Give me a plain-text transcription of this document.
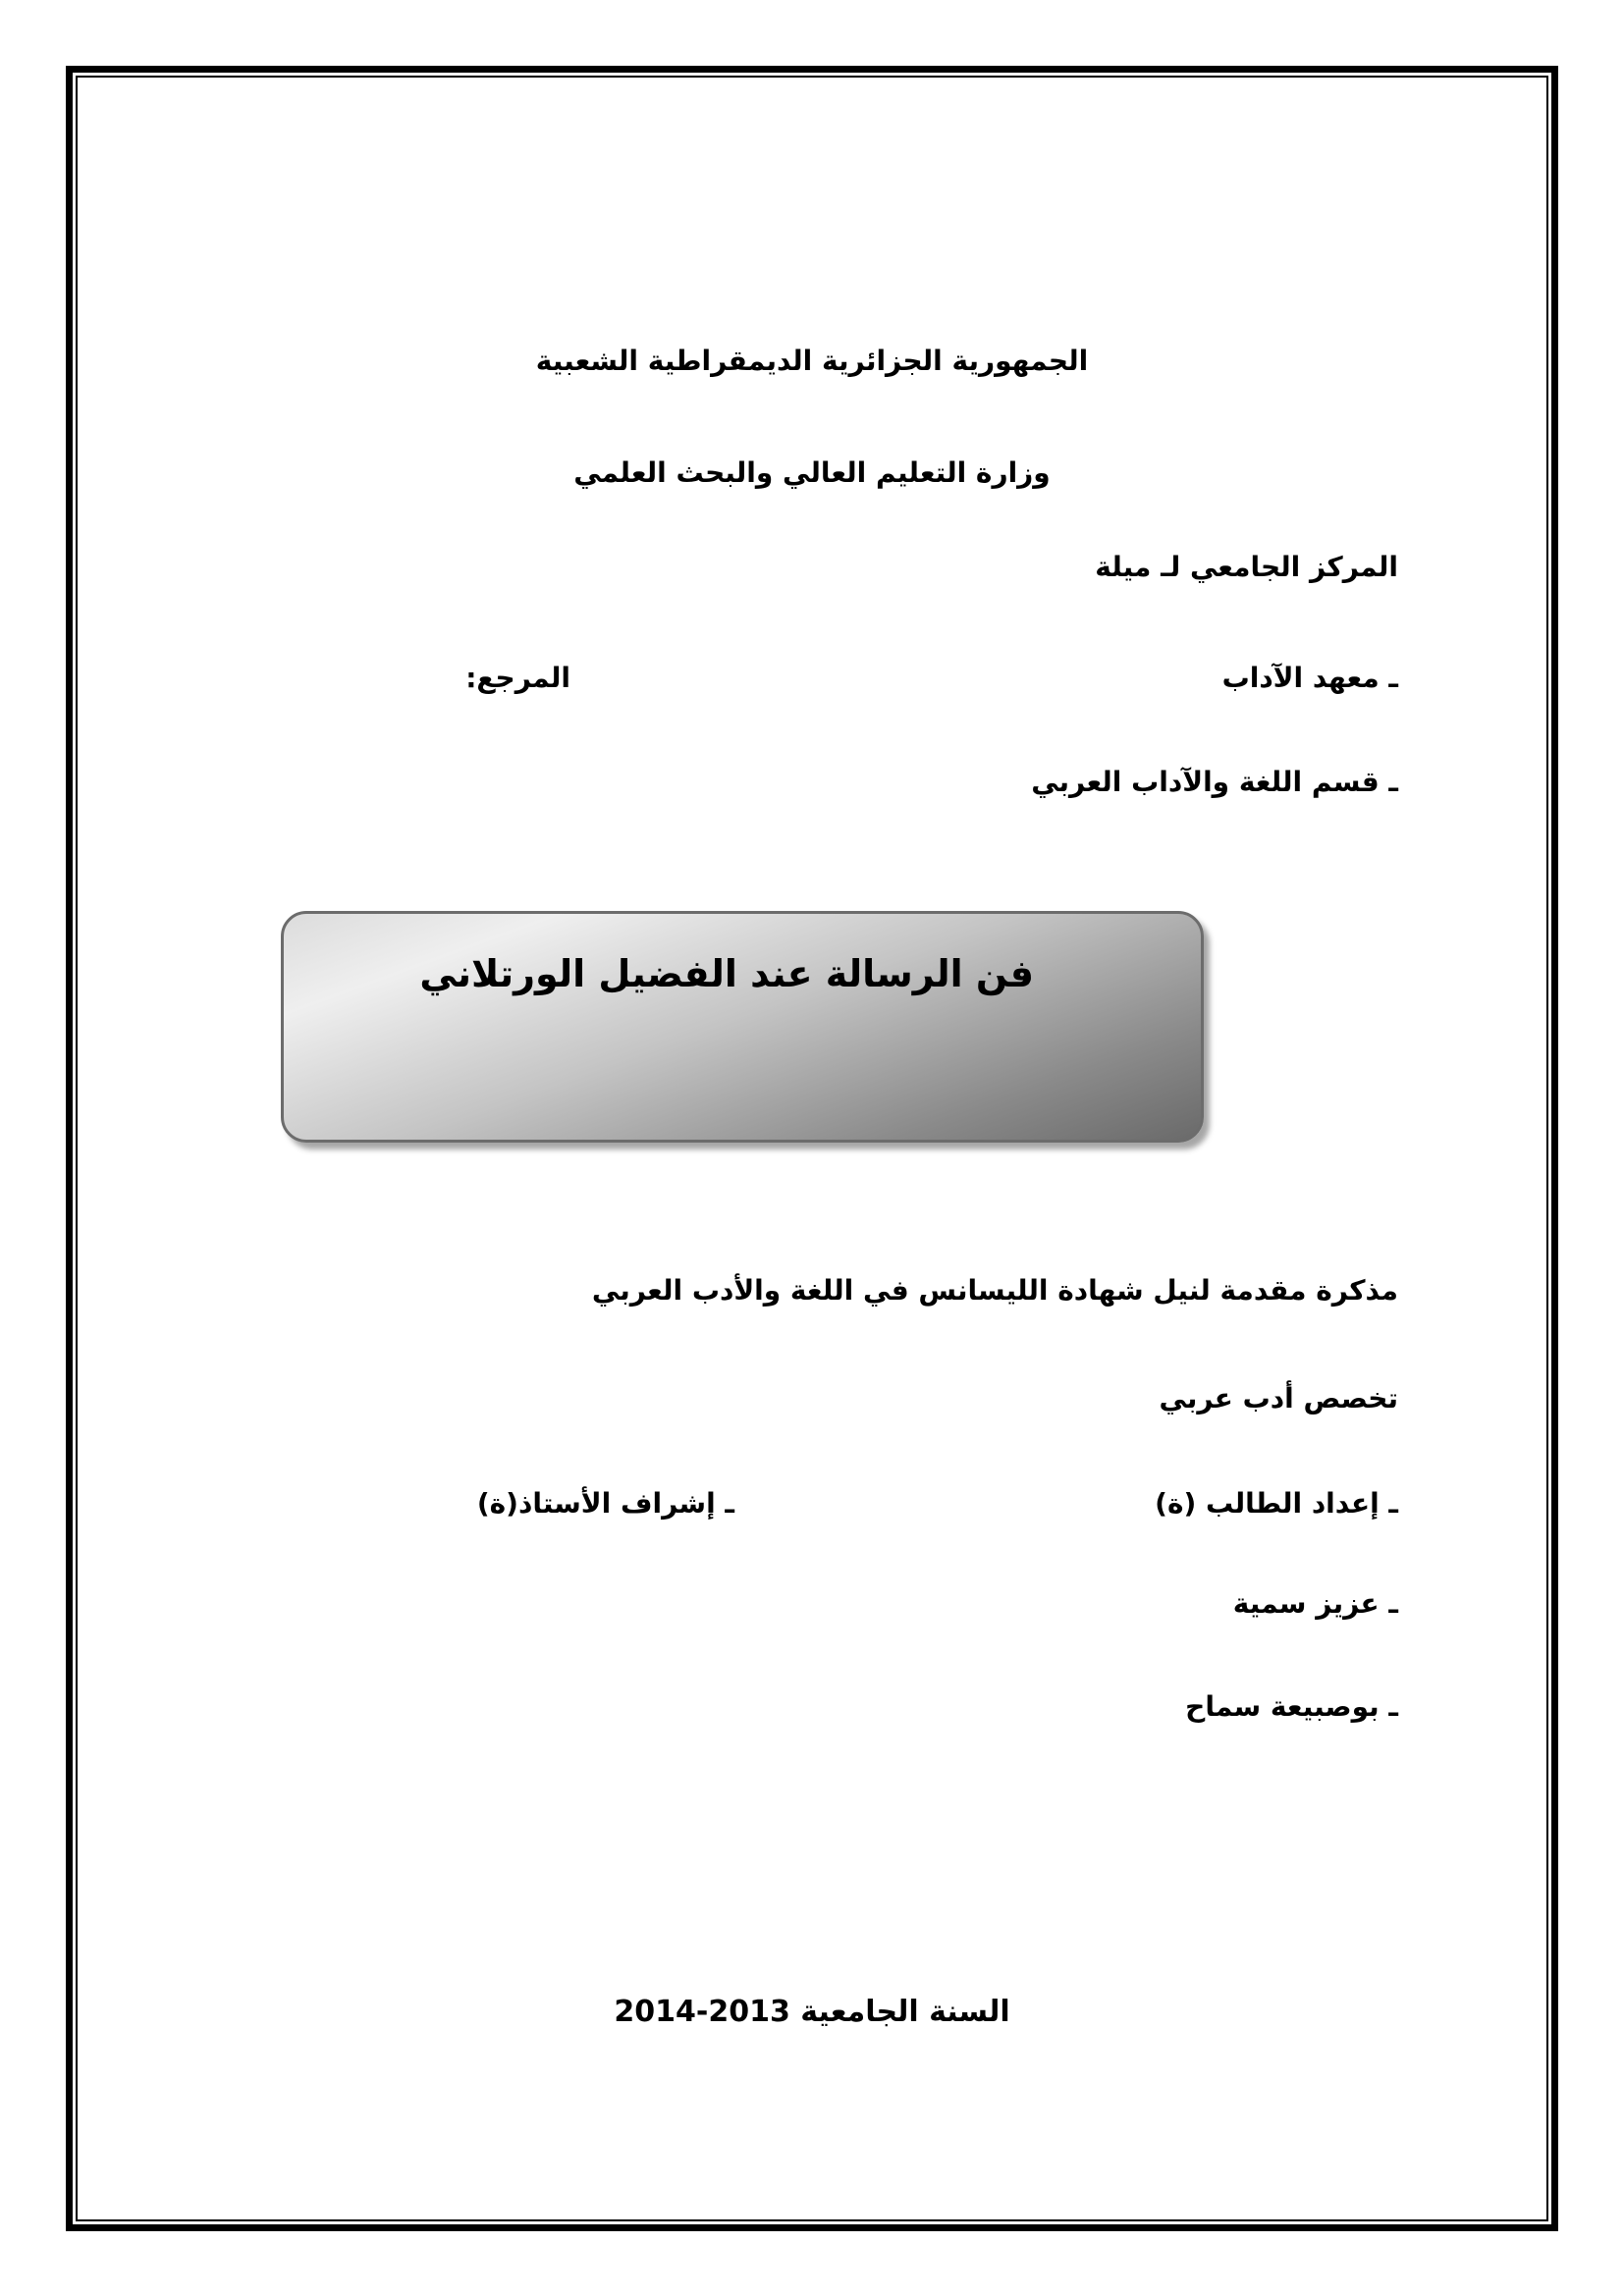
الجمهورية الجزائرية الديمقراطية الشعبية
وزارة التعليم العالي والبحث العلمي
المركز الجامعي لـ ميلة
ـ معهد الآداب
المرجع:
ـ قسم اللغة والآداب العربي
فن الرسالة عند الفضيل الورتلاني
مذكرة مقدمة لنيل شهادة الليسانس في اللغة والأدب العربي
تخصص أدب عربي
ـ إعداد الطالب (ة)
ـ إشراف الأستاذ(ة)
ـ عزيز سمية
ـ بوصبيعة سماح
السنة الجامعية 2013-2014
